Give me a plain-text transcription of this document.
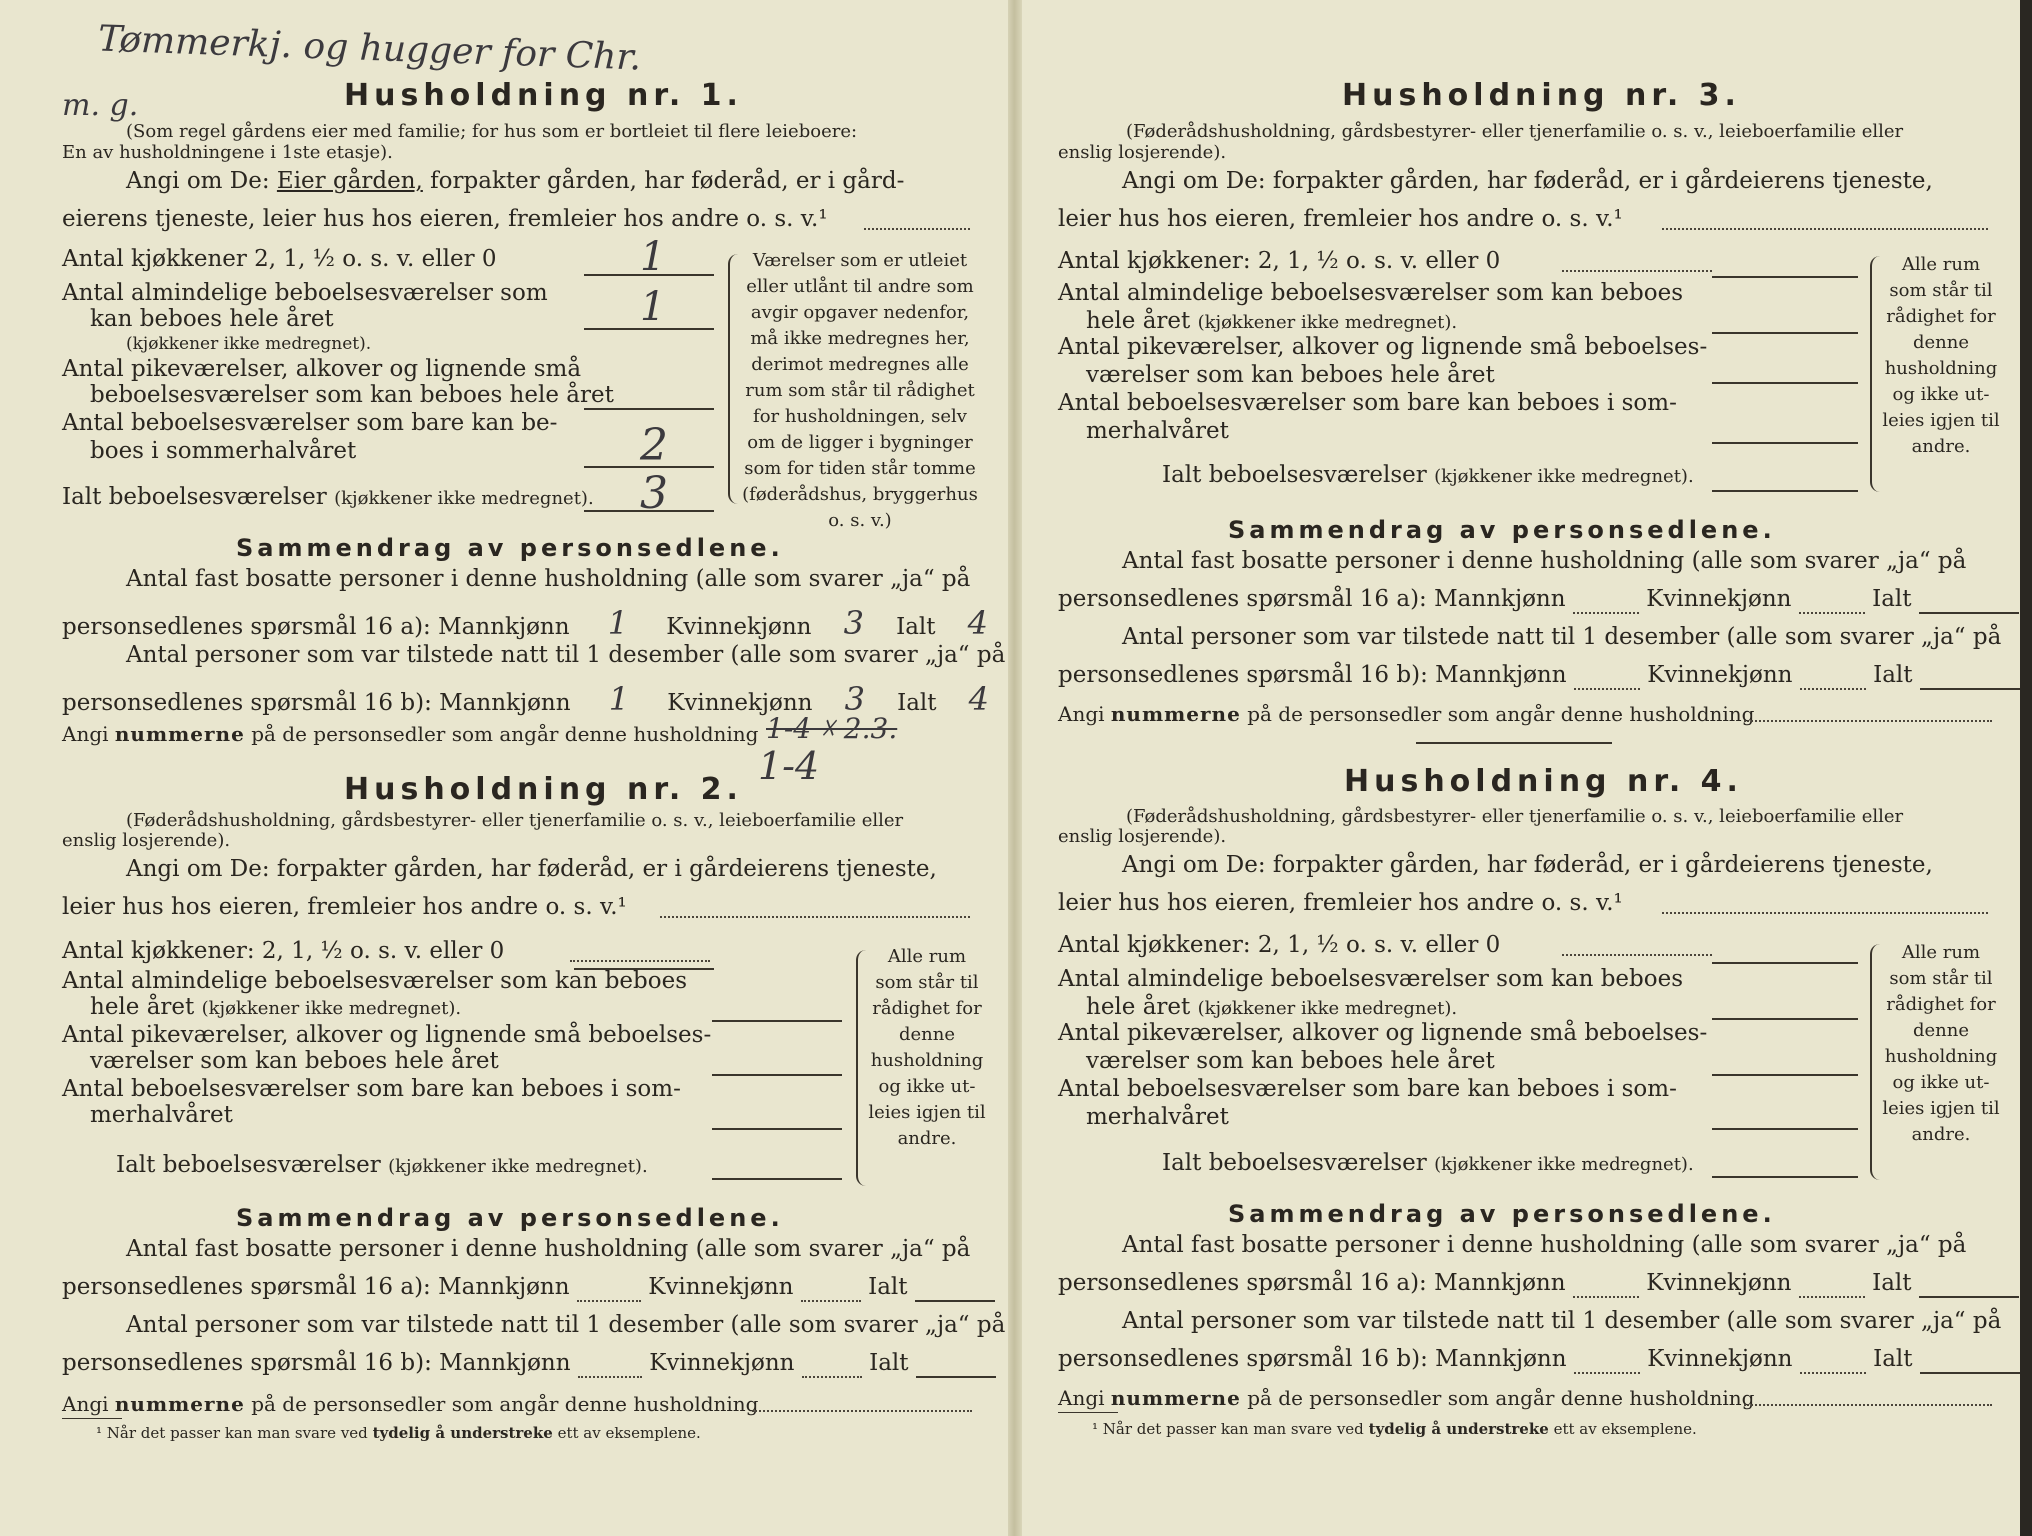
Tømmerkj. og hugger for Chr.
m. g.	Husholdning nr. 1.
(Som regel gårdens eier med familie; for hus som er bortleiet til flere leieboere:
En av husholdningene i 1ste etasje).
Angi om De: Eier gården, forpakter gården, har føderåd, er i gård-
eierens tjeneste, leier hus hos eieren, fremleier hos andre o. s. v.¹
Antal kjøkkener 2, 1, ½ o. s. v. eller 0	1
Antal almindelige beboelsesværelser som
kan beboes hele året
(kjøkkener ikke medregnet).
1
Antal pikeværelser, alkover og lignende små
beboelsesværelser som kan beboes hele året
Antal beboelsesværelser som bare kan be-
boes i sommerhalvåret	2
Ialt beboelsesværelser (kjøkkener ikke medregnet). 3
Værelser som er utleiet eller utlånt til andre som avgir opgaver nedenfor, må ikke medregnes her, derimot medregnes alle rum som står til rådighet for husholdningen, selv om de ligger i bygninger som for tiden står tomme (føderådshus, bryggerhus o. s. v.)
Sammendrag av personsedlene.
Antal fast bosatte personer i denne husholdning (alle som svarer „ja“ på
personsedlenes spørsmål 16 a): Mannkjønn 1 Kvinnekjønn 3 Ialt 4
Antal personer som var tilstede natt til 1 desember (alle som svarer „ja“ på
personsedlenes spørsmål 16 b): Mannkjønn 1 Kvinnekjønn 3 Ialt 4
Angi nummerne på de personsedler som angår denne husholdning 1-4 ☓ 2.3.
1-4
Husholdning nr. 2.
(Føderådshusholdning, gårdsbestyrer- eller tjenerfamilie o. s. v., leieboerfamilie eller
enslig losjerende).
Angi om De: forpakter gården, har føderåd, er i gårdeierens tjeneste,
leier hus hos eieren, fremleier hos andre o. s. v.¹
Antal kjøkkener: 2, 1, ½ o. s. v. eller 0
Antal almindelige beboelsesværelser som kan beboes
hele året (kjøkkener ikke medregnet).
Antal pikeværelser, alkover og lignende små beboelses-
værelser som kan beboes hele året
Antal beboelsesværelser som bare kan beboes i som-
merhalvåret
Ialt beboelsesværelser (kjøkkener ikke medregnet).
Alle rum som står til rådighet for denne husholdning og ikke utleies igjen til andre.
Sammendrag av personsedlene.
Antal fast bosatte personer i denne husholdning (alle som svarer „ja“ på
personsedlenes spørsmål 16 a): Mannkjønn	Kvinnekjønn	Ialt
Antal personer som var tilstede natt til 1 desember (alle som svarer „ja“ på
personsedlenes spørsmål 16 b): Mannkjønn	Kvinnekjønn	Ialt
Angi nummerne på de personsedler som angår denne husholdning
¹ Når det passer kan man svare ved tydelig å understreke ett av eksemplene.
Husholdning nr. 3.
(Føderådshusholdning, gårdsbestyrer- eller tjenerfamilie o. s. v., leieboerfamilie eller
enslig losjerende).
Angi om De: forpakter gården, har føderåd, er i gårdeierens tjeneste,
leier hus hos eieren, fremleier hos andre o. s. v.¹
Antal kjøkkener: 2, 1, ½ o. s. v. eller 0
Antal almindelige beboelsesværelser som kan beboes
hele året (kjøkkener ikke medregnet).
Antal pikeværelser, alkover og lignende små beboelses-
værelser som kan beboes hele året
Antal beboelsesværelser som bare kan beboes i som-
merhalvåret
Ialt beboelsesværelser (kjøkkener ikke medregnet).
Alle rum som står til rådighet for denne husholdning og ikke utleies igjen til andre.
Sammendrag av personsedlene.
Antal fast bosatte personer i denne husholdning (alle som svarer „ja“ på
personsedlenes spørsmål 16 a): Mannkjønn	Kvinnekjønn	Ialt
Antal personer som var tilstede natt til 1 desember (alle som svarer „ja“ på
personsedlenes spørsmål 16 b): Mannkjønn	Kvinnekjønn	Ialt
Angi nummerne på de personsedler som angår denne husholdning
Husholdning nr. 4.
(Føderådshusholdning, gårdsbestyrer- eller tjenerfamilie o. s. v., leieboerfamilie eller
enslig losjerende).
Angi om De: forpakter gården, har føderåd, er i gårdeierens tjeneste,
leier hus hos eieren, fremleier hos andre o. s. v.¹
Antal kjøkkener: 2, 1, ½ o. s. v. eller 0
Antal almindelige beboelsesværelser som kan beboes
hele året (kjøkkener ikke medregnet).
Antal pikeværelser, alkover og lignende små beboelses-
værelser som kan beboes hele året
Antal beboelsesværelser som bare kan beboes i som-
merhalvåret
Ialt beboelsesværelser (kjøkkener ikke medregnet).
Alle rum som står til rådighet for denne husholdning og ikke utleies igjen til andre.
Sammendrag av personsedlene.
Antal fast bosatte personer i denne husholdning (alle som svarer „ja“ på
personsedlenes spørsmål 16 a): Mannkjønn	Kvinnekjønn	Ialt
Antal personer som var tilstede natt til 1 desember (alle som svarer „ja“ på
personsedlenes spørsmål 16 b): Mannkjønn	Kvinnekjønn	Ialt
Angi nummerne på de personsedler som angår denne husholdning
¹ Når det passer kan man svare ved tydelig å understreke ett av eksemplene.
